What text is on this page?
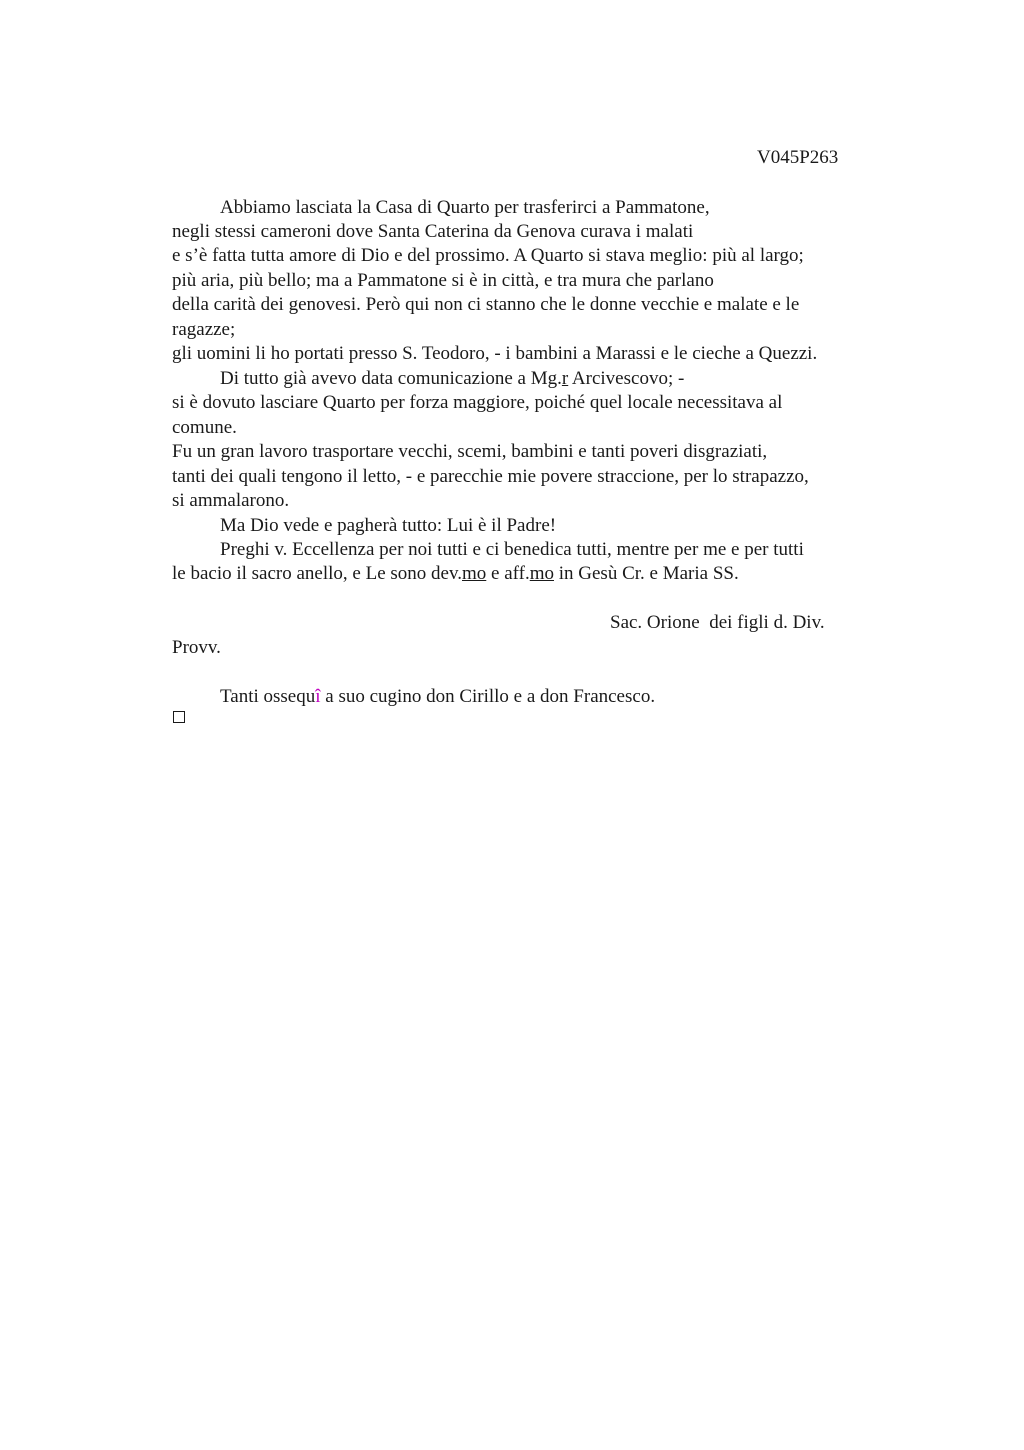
V045P263
Abbiamo lasciata la Casa di Quarto per trasferirci a Pammatone,
negli stessi cameroni dove Santa Caterina da Genova curava i malati
e s’è fatta tutta amore di Dio e del prossimo. A Quarto si stava meglio: più al largo;
più aria, più bello; ma a Pammatone si è in città, e tra mura che parlano
della carità dei genovesi. Però qui non ci stanno che le donne vecchie e malate e le
ragazze;
gli uomini li ho portati presso S. Teodoro, - i bambini a Marassi e le cieche a Quezzi.
Di tutto già avevo data comunicazione a Mg.r Arcivescovo; -
si è dovuto lasciare Quarto per forza maggiore, poiché quel locale necessitava al
comune.
Fu un gran lavoro trasportare vecchi, scemi, bambini e tanti poveri disgraziati,
tanti dei quali tengono il letto, - e parecchie mie povere straccione, per lo strapazzo,
si ammalarono.
Ma Dio vede e pagherà tutto: Lui è il Padre!
Preghi v. Eccellenza per noi tutti e ci benedica tutti, mentre per me e per tutti
le bacio il sacro anello, e Le sono dev.mo e aff.mo in Gesù Cr. e Maria SS.
Sac. Orione  dei figli d. Div.
Provv.
Tanti ossequî a suo cugino don Cirillo e a don Francesco.
